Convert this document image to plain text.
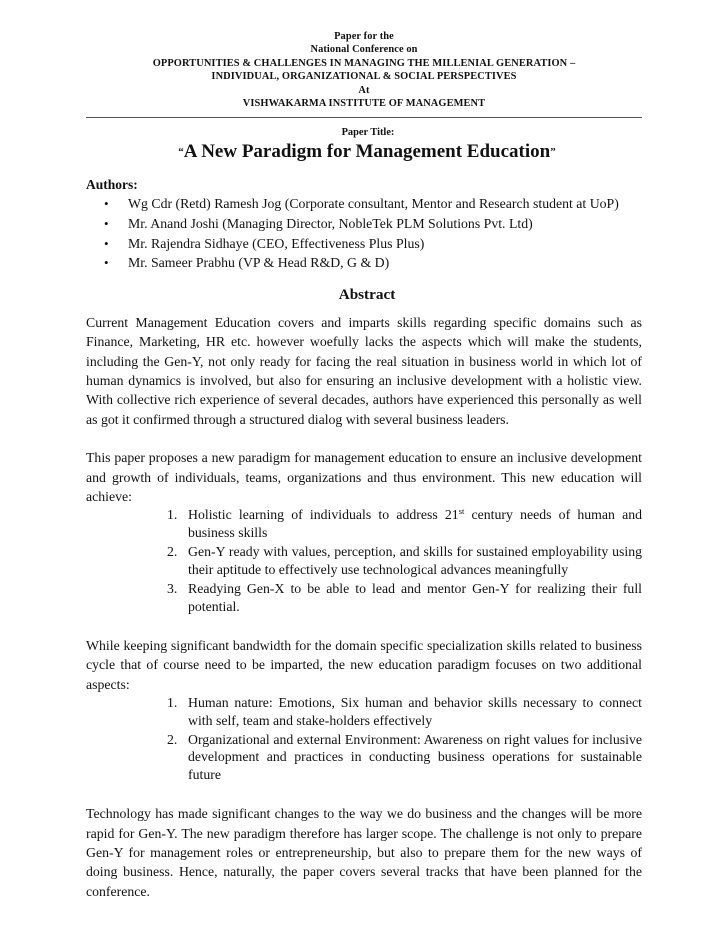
Paper for the
National Conference on
OPPORTUNITIES & CHALLENGES IN MANAGING THE MILLENIAL GENERATION –
INDIVIDUAL, ORGANIZATIONAL & SOCIAL PERSPECTIVES
At
VISHWAKARMA INSTITUTE OF MANAGEMENT
Paper Title:
“A New Paradigm for Management Education”
Authors:
• Wg Cdr (Retd) Ramesh Jog (Corporate consultant, Mentor and Research student at UoP)
• Mr. Anand Joshi (Managing Director, NobleTek PLM Solutions Pvt. Ltd)
• Mr. Rajendra Sidhaye (CEO, Effectiveness Plus Plus)
• Mr. Sameer Prabhu (VP & Head R&D, G & D)
Abstract

Current Management Education covers and imparts skills regarding specific domains such as Finance, Marketing, HR etc. however woefully lacks the aspects which will make the students, including the Gen-Y, not only ready for facing the real situation in business world in which lot of human dynamics is involved, but also for ensuring an inclusive development with a holistic view. With collective rich experience of several decades, authors have experienced this personally as well as got it confirmed through a structured dialog with several business leaders.

This paper proposes a new paradigm for management education to ensure an inclusive development and growth of individuals, teams, organizations and thus environment. This new education will achieve:

1. Holistic learning of individuals to address 21st century needs of human and business skills
2. Gen-Y ready with values, perception, and skills for sustained employability using their aptitude to effectively use technological advances meaningfully
3. Readying Gen-X to be able to lead and mentor Gen-Y for realizing their full potential.

While keeping significant bandwidth for the domain specific specialization skills related to business cycle that of course need to be imparted, the new education paradigm focuses on two additional aspects:

1. Human nature: Emotions, Six human and behavior skills necessary to connect with self, team and stake-holders effectively
2. Organizational and external Environment: Awareness on right values for inclusive development and practices in conducting business operations for sustainable future

Technology has made significant changes to the way we do business and the changes will be more rapid for Gen-Y. The new paradigm therefore has larger scope. The challenge is not only to prepare Gen-Y for management roles or entrepreneurship, but also to prepare them for the new ways of doing business. Hence, naturally, the paper covers several tracks that have been planned for the conference.
